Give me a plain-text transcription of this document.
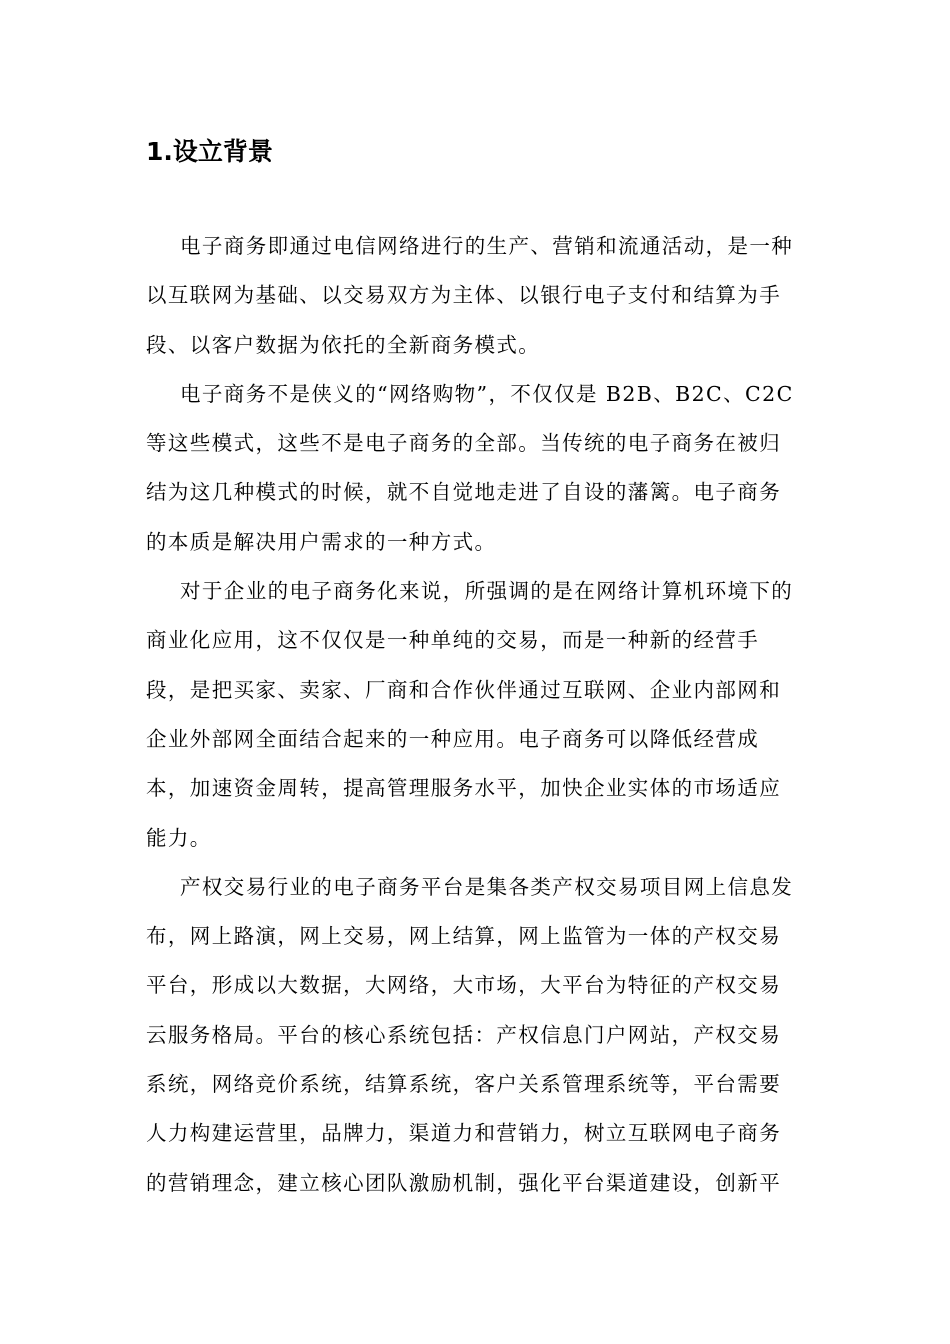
1.设立背景
电子商务即通过电信网络进行的生产、营销和流通活动，是一种
以互联网为基础、以交易双方为主体、以银行电子支付和结算为手
段、以客户数据为依托的全新商务模式。
电子商务不是侠义的“网络购物”，不仅仅是 B2B、B2C、C2C
等这些模式，这些不是电子商务的全部。当传统的电子商务在被归
结为这几种模式的时候，就不自觉地走进了自设的藩篱。电子商务
的本质是解决用户需求的一种方式。
对于企业的电子商务化来说，所强调的是在网络计算机环境下的
商业化应用，这不仅仅是一种单纯的交易，而是一种新的经营手
段，是把买家、卖家、厂商和合作伙伴通过互联网、企业内部网和
企业外部网全面结合起来的一种应用。电子商务可以降低经营成
本，加速资金周转，提高管理服务水平，加快企业实体的市场适应
能力。
产权交易行业的电子商务平台是集各类产权交易项目网上信息发
布，网上路演，网上交易，网上结算，网上监管为一体的产权交易
平台，形成以大数据，大网络，大市场，大平台为特征的产权交易
云服务格局。平台的核心系统包括：产权信息门户网站，产权交易
系统，网络竞价系统，结算系统，客户关系管理系统等，平台需要
人力构建运营里，品牌力，渠道力和营销力，树立互联网电子商务
的营销理念，建立核心团队激励机制，强化平台渠道建设，创新平
